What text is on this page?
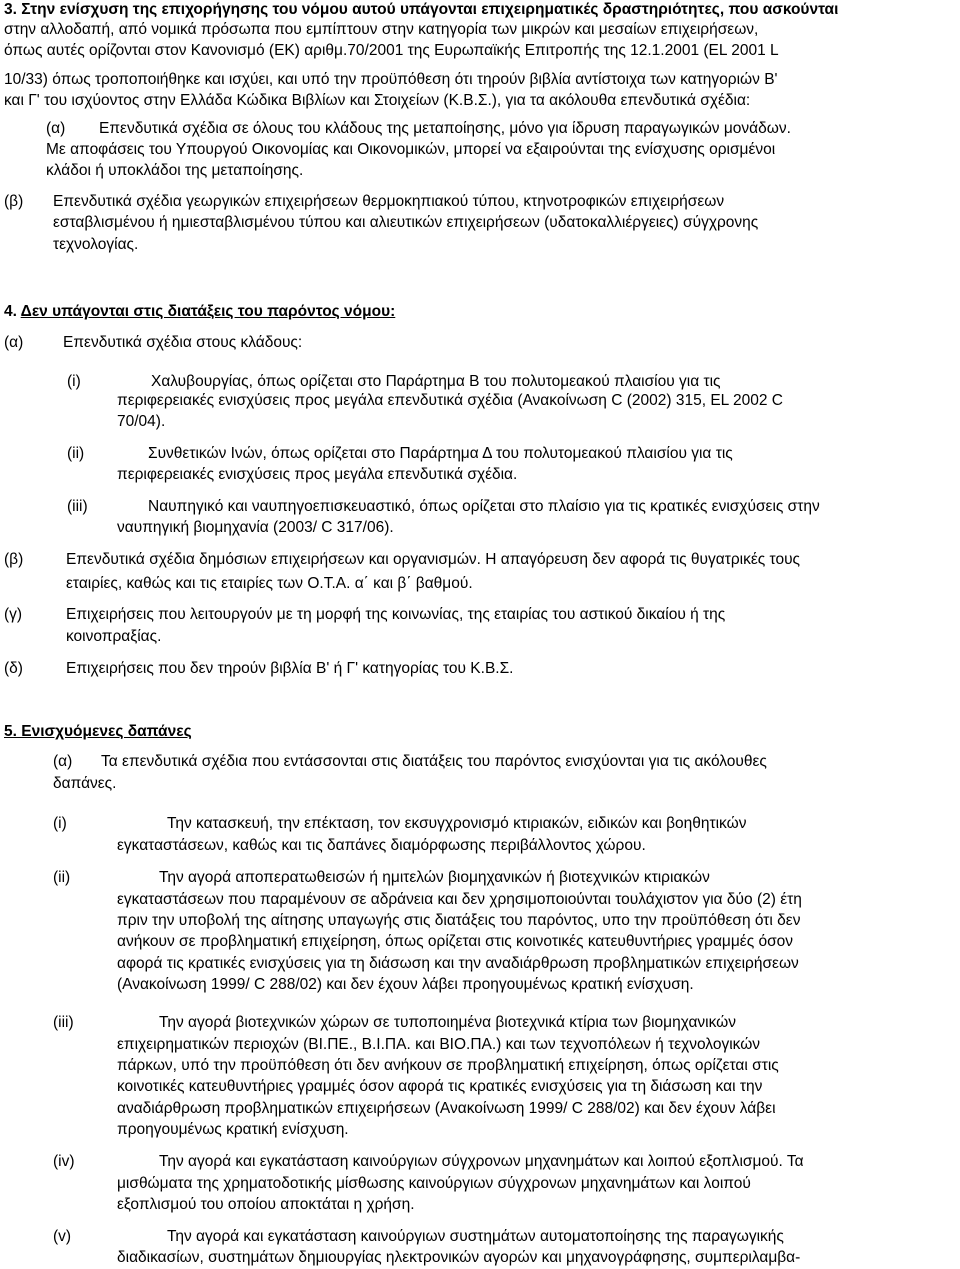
3. Στην ενίσχυση της επιχορήγησης του νόμου αυτού υπάγονται επιχειρηματικές δραστηριότητες, που ασκούνται
στην αλλοδαπή, από νομικά πρόσωπα που εμπίπτουν στην κατηγορία των μικρών και μεσαίων επιχειρήσεων,
όπως αυτές ορίζονται στον Κανονισμό (ΕΚ) αριθμ.70/2001 της Ευρωπαϊκής Επιτροπής της 12.1.2001 (EL 2001 L
10/33) όπως τροποποιήθηκε και ισχύει, και υπό την προϋπόθεση ότι τηρούν βιβλία αντίστοιχα των κατηγοριών Β'
και Γ' του ισχύοντος στην Ελλάδα Κώδικα Βιβλίων και Στοιχείων (Κ.Β.Σ.), για τα ακόλουθα επενδυτικά σχέδια:
(α) Επενδυτικά σχέδια σε όλους του κλάδους της μεταποίησης, μόνο για ίδρυση παραγωγικών μονάδων.
Με αποφάσεις του Υπουργού Οικονομίας και Οικονομικών, μπορεί να εξαιρούνται της ενίσχυσης ορισμένοι
κλάδοι ή υποκλάδοι της μεταποίησης.
(β) Επενδυτικά σχέδια γεωργικών επιχειρήσεων θερμοκηπιακού τύπου, κτηνοτροφικών επιχειρήσεων
εσταβλισμένου ή ημιεσταβλισμένου τύπου και αλιευτικών επιχειρήσεων (υδατοκαλλιέργειες) σύγχρονης
τεχνολογίας.
4. Δεν υπάγονται στις διατάξεις του παρόντος νόμου:
(α)	Επενδυτικά σχέδια στους κλάδους:
(i)	Χαλυβουργίας, όπως ορίζεται στο Παράρτημα Β του πολυτομεακού πλαισίου για τις
περιφερειακές ενισχύσεις προς μεγάλα επενδυτικά σχέδια (Ανακοίνωση C (2002) 315, EL 2002 C
70/04).
(ii)	Συνθετικών Ινών, όπως ορίζεται στο Παράρτημα Δ του πολυτομεακού πλαισίου για τις
περιφερειακές ενισχύσεις προς μεγάλα επενδυτικά σχέδια.
(iii)	Ναυπηγικό και ναυπηγοεπισκευαστικό, όπως ορίζεται στο πλαίσιο για τις κρατικές ενισχύσεις στην
ναυπηγική βιομηχανία (2003/ C 317/06).
(β)	Επενδυτικά σχέδια δημόσιων επιχειρήσεων και οργανισμών. Η απαγόρευση δεν αφορά τις θυγατρικές τους
εταιρίες, καθώς και τις εταιρίες των Ο.Τ.Α. α΄ και β΄ βαθμού.
(γ)	Επιχειρήσεις που λειτουργούν με τη μορφή της κοινωνίας, της εταιρίας του αστικού δικαίου ή της
κοινοπραξίας.
(δ)	Επιχειρήσεις που δεν τηρούν βιβλία Β' ή Γ' κατηγορίας του Κ.Β.Σ.
5. Ενισχυόμενες δαπάνες
(α) Τα επενδυτικά σχέδια που εντάσσονται στις διατάξεις του παρόντος ενισχύονται για τις ακόλουθες
δαπάνες.
(i)	Την κατασκευή, την επέκταση, τον εκσυγχρονισμό κτιριακών, ειδικών και βοηθητικών
εγκαταστάσεων, καθώς και τις δαπάνες διαμόρφωσης περιβάλλοντος χώρου.
(ii)	Την αγορά αποπερατωθεισών ή ημιτελών βιομηχανικών ή βιοτεχνικών κτιριακών
εγκαταστάσεων που παραμένουν σε αδράνεια και δεν χρησιμοποιούνται τουλάχιστον για δύο (2) έτη
πριν την υποβολή της αίτησης υπαγωγής στις διατάξεις του παρόντος, υπο την προϋπόθεση ότι δεν
ανήκουν σε προβληματική επιχείρηση, όπως ορίζεται στις κοινοτικές κατευθυντήριες γραμμές όσον
αφορά τις κρατικές ενισχύσεις για τη διάσωση και την αναδιάρθρωση προβληματικών επιχειρήσεων
(Ανακοίνωση 1999/ C 288/02) και δεν έχουν λάβει προηγουμένως κρατική ενίσχυση.
(iii)	Την αγορά βιοτεχνικών χώρων σε τυποποιημένα βιοτεχνικά κτίρια των βιομηχανικών
επιχειρηματικών περιοχών (ΒΙ.ΠΕ., Β.Ι.ΠΑ. και ΒΙΟ.ΠΑ.) και των τεχνοπόλεων ή τεχνολογικών
πάρκων, υπό την προϋπόθεση ότι δεν ανήκουν σε προβληματική επιχείρηση, όπως ορίζεται στις
κοινοτικές κατευθυντήριες γραμμές όσον αφορά τις κρατικές ενισχύσεις για τη διάσωση και την
αναδιάρθρωση προβληματικών επιχειρήσεων (Ανακοίνωση 1999/ C 288/02) και δεν έχουν λάβει
προηγουμένως κρατική ενίσχυση.
(iv)	Την αγορά και εγκατάσταση καινούργιων σύγχρονων μηχανημάτων και λοιπού εξοπλισμού. Τα
μισθώματα της χρηματοδοτικής μίσθωσης καινούργιων σύγχρονων μηχανημάτων και λοιπού
εξοπλισμού του οποίου αποκτάται η χρήση.
(v)	Την αγορά και εγκατάσταση καινούργιων συστημάτων αυτοματοποίησης της παραγωγικής
διαδικασίων, συστημάτων δημιουργίας ηλεκτρονικών αγορών και μηχανογράφησης, συμπεριλαμβα-
